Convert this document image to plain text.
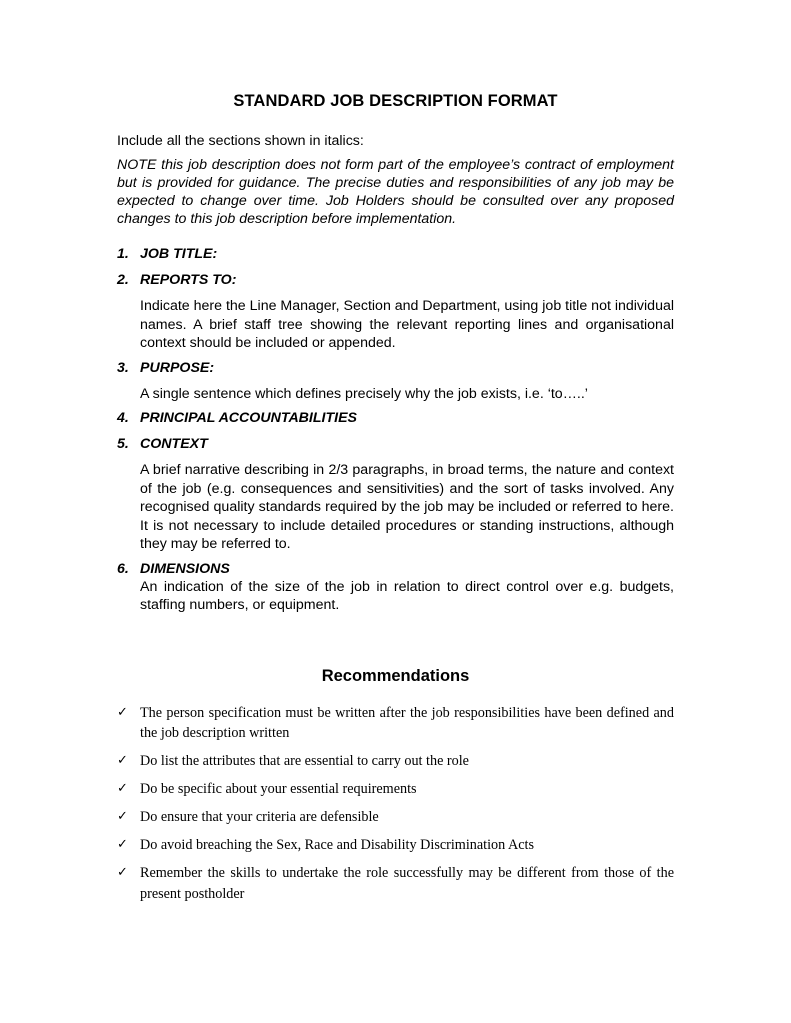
STANDARD JOB DESCRIPTION FORMAT

Include all the sections shown in italics:

NOTE this job description does not form part of the employee’s contract of employment but is provided for guidance. The precise duties and responsibilities of any job may be expected to change over time. Job Holders should be consulted over any proposed changes to this job description before implementation.

1. JOB TITLE:

2. REPORTS TO:

Indicate here the Line Manager, Section and Department, using job title not individual names. A brief staff tree showing the relevant reporting lines and organisational context should be included or appended.

3. PURPOSE:

A single sentence which defines precisely why the job exists, i.e. ‘to…..’

4. PRINCIPAL ACCOUNTABILITIES

5. CONTEXT

A brief narrative describing in 2/3 paragraphs, in broad terms, the nature and context of the job (e.g. consequences and sensitivities) and the sort of tasks involved. Any recognised quality standards required by the job may be included or referred to here. It is not necessary to include detailed procedures or standing instructions, although they may be referred to.

6. DIMENSIONS

An indication of the size of the job in relation to direct control over e.g. budgets, staffing numbers, or equipment.

Recommendations
✓ The person specification must be written after the job responsibilities have been defined and the job description written
✓ Do list the attributes that are essential to carry out the role
✓ Do be specific about your essential requirements
✓ Do ensure that your criteria are defensible
✓ Do avoid breaching the Sex, Race and Disability Discrimination Acts
✓ Remember the skills to undertake the role successfully may be different from those of the present postholder
